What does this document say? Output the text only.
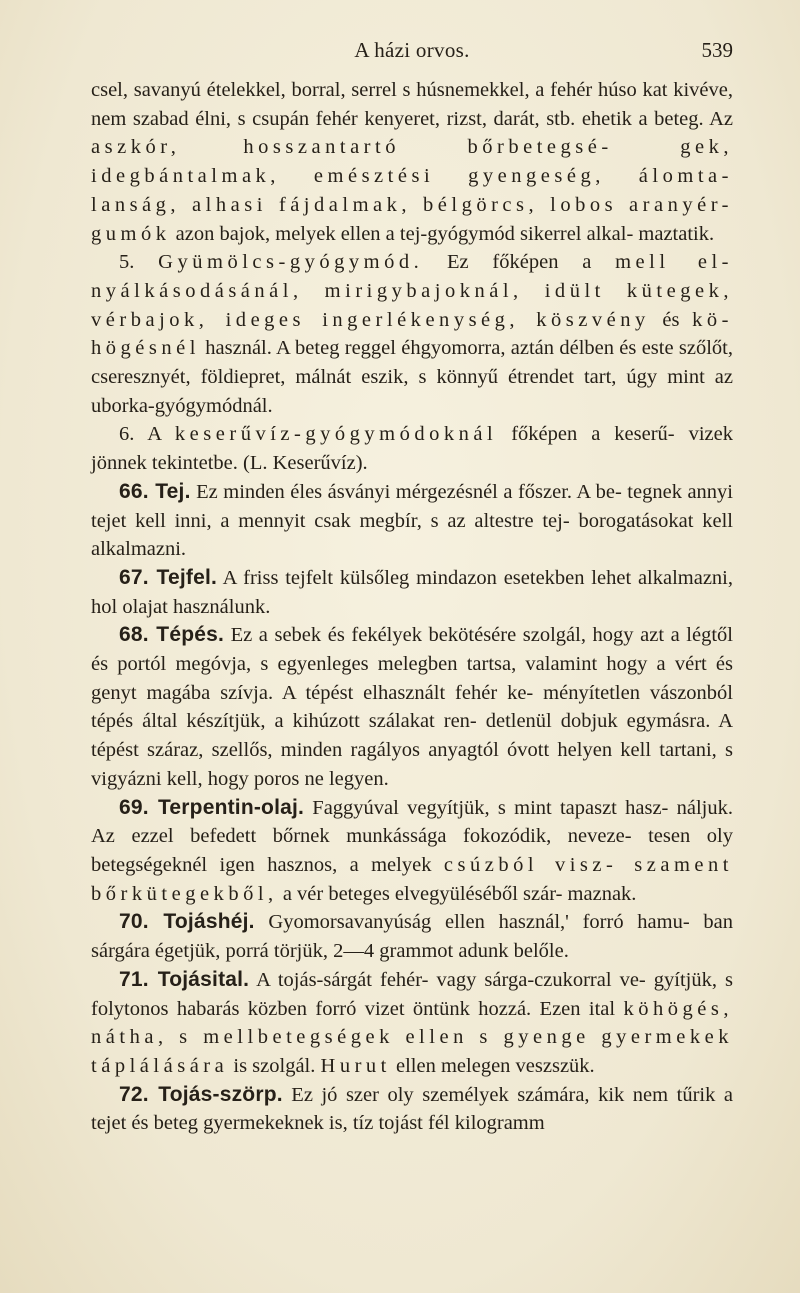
A házi orvos.	539

csel, savanyú ételekkel, borral, serrel s húsnemekkel, a fehér húso kat kivéve, nem szabad élni, s csupán fehér kenyeret, rizst, darát, stb. ehetik a beteg. Az aszkór,	hosszantartó bőrbetegsé- gek, idegbántalmak, emésztési gyengeség, álomta- lanság, alhasi fájdalmak, bélgörcs, lobos aranyér- gumók azon bajok, melyek ellen a tej-gyógymód sikerrel alkal- maztatik.

5. Gyümölcs-gyógymód. Ez főképen a mell el- nyálkásodásánál, mirigybajoknál, idült kütegek, vérbajok, ideges ingerlékenység, köszvény és kö- högésnél használ. A beteg reggel éhgyomorra, aztán délben és este szőlőt, cseresznyét, földiepret, málnát eszik, s könnyű étrendet tart, úgy mint az uborka-gyógymódnál.

6. A keserűvíz-gyógymódoknál főképen a keserű- vizek jönnek tekintetbe. (L. Keserűvíz).

66. Tej. Ez minden éles ásványi mérgezésnél a főszer. A be- tegnek annyi tejet kell inni, a mennyit csak megbír, s az altestre tej- borogatásokat kell alkalmazni.

67. Tejfel. A friss tejfelt külsőleg mindazon esetekben lehet alkalmazni, hol olajat használunk.

68. Tépés. Ez a sebek és fekélyek bekötésére szolgál, hogy azt a légtől és portól megóvja, s egyenleges melegben tartsa, valamint hogy a vért és genyt magába szívja. A tépést elhasznált fehér ke- ményítetlen vászonból tépés által készítjük, a kihúzott szálakat ren- detlenül dobjuk egymásra. A tépést száraz, szellős, minden ragályos anyagtól óvott helyen kell tartani, s vigyázni kell, hogy poros ne legyen.

69. Terpentin-olaj. Faggyúval vegyítjük, s mint tapaszt hasz- náljuk. Az ezzel befedett bőrnek munkássága fokozódik, neveze- tesen oly betegségeknél igen hasznos, a melyek csúzból visz- szament bőrkütegekből, a vér beteges elvegyüléséből szár- maznak.

70. Tojáshéj. Gyomorsavanyúság ellen használ,' forró hamu- ban sárgára égetjük, porrá törjük, 2—4 grammot adunk belőle.

71. Tojásital. A tojás-sárgát fehér- vagy sárga-czukorral ve- gyítjük, s folytonos habarás közben forró vizet öntünk hozzá. Ezen ital köhögés, nátha, s mellbetegségek ellen s gyenge gyermekek táplálására is szolgál. Hurut ellen melegen veszszük.

72. Tojás-szörp. Ez jó szer oly személyek számára, kik nem tűrik a tejet és beteg gyermekeknek is, tíz tojást fél kilogramm
